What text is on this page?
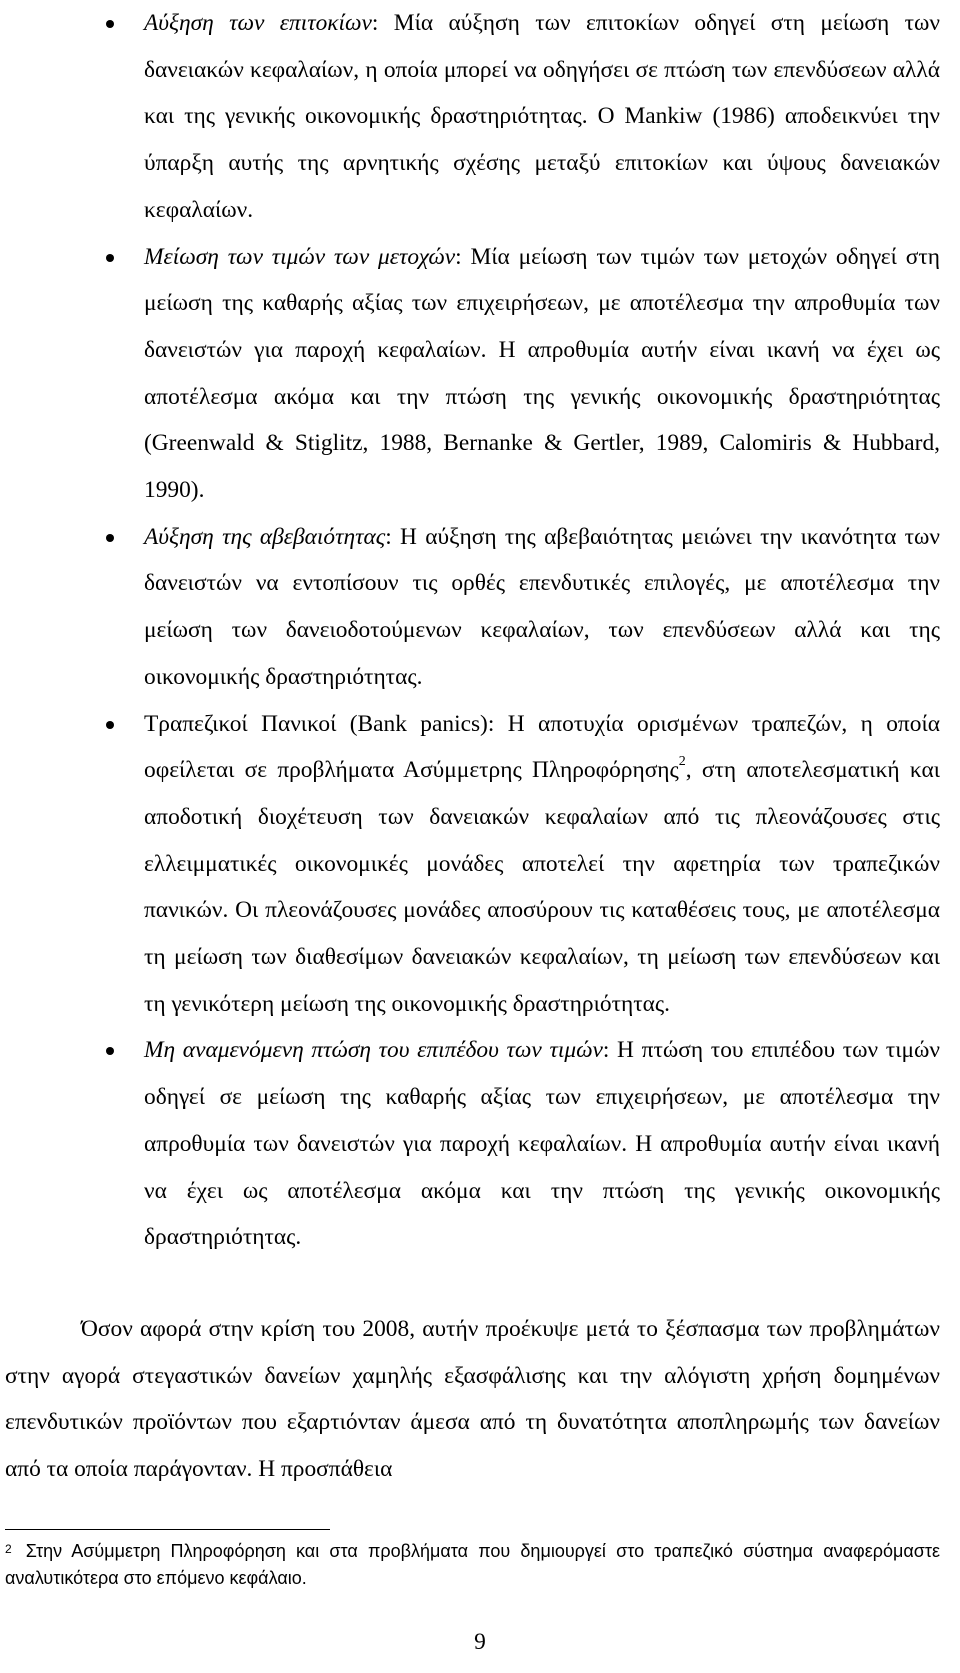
Αύξηση των επιτοκίων: Μία αύξηση των επιτοκίων οδηγεί στη μείωση των δανειακών κεφαλαίων, η οποία μπορεί να οδηγήσει σε πτώση των επενδύσεων αλλά και της γενικής οικονομικής δραστηριότητας. Ο Mankiw (1986) αποδεικνύει την ύπαρξη αυτής της αρνητικής σχέσης μεταξύ επιτοκίων και ύψους δανειακών κεφαλαίων.
Μείωση των τιμών των μετοχών: Μία μείωση των τιμών των μετοχών οδηγεί στη μείωση της καθαρής αξίας των επιχειρήσεων, με αποτέλεσμα την απροθυμία των δανειστών για παροχή κεφαλαίων. Η απροθυμία αυτήν είναι ικανή να έχει ως αποτέλεσμα ακόμα και την πτώση της γενικής οικονομικής δραστηριότητας (Greenwald & Stiglitz, 1988, Bernanke & Gertler, 1989, Calomiris & Hubbard, 1990).
Αύξηση της αβεβαιότητας: Η αύξηση της αβεβαιότητας μειώνει την ικανότητα των δανειστών να εντοπίσουν τις ορθές επενδυτικές επιλογές, με αποτέλεσμα την μείωση των δανειοδοτούμενων κεφαλαίων, των επενδύσεων αλλά και της οικονομικής δραστηριότητας.
Τραπεζικοί Πανικοί (Bank panics): Η αποτυχία ορισμένων τραπεζών, η οποία οφείλεται σε προβλήματα Ασύμμετρης Πληροφόρησης$^2$, στη αποτελεσματική και αποδοτική διοχέτευση των δανειακών κεφαλαίων από τις πλεονάζουσες στις ελλειμματικές οικονομικές μονάδες αποτελεί την αφετηρία των τραπεζικών πανικών. Οι πλεονάζουσες μονάδες αποσύρουν τις καταθέσεις τους, με αποτέλεσμα τη μείωση των διαθεσίμων δανειακών κεφαλαίων, τη μείωση των επενδύσεων και τη γενικότερη μείωση της οικονομικής δραστηριότητας.
Μη αναμενόμενη πτώση του επιπέδου των τιμών: Η πτώση του επιπέδου των τιμών οδηγεί σε μείωση της καθαρής αξίας των επιχειρήσεων, με αποτέλεσμα την απροθυμία των δανειστών για παροχή κεφαλαίων. Η απροθυμία αυτήν είναι ικανή να έχει ως αποτέλεσμα ακόμα και την πτώση της γενικής οικονομικής δραστηριότητας.

Όσον αφορά στην κρίση του 2008, αυτήν προέκυψε μετά το ξέσπασμα των προβλημάτων στην αγορά στεγαστικών δανείων χαμηλής εξασφάλισης και την αλόγιστη χρήση δομημένων επενδυτικών προϊόντων που εξαρτιόνταν άμεσα από τη δυνατότητα αποπληρωμής των δανείων από τα οποία παράγονταν. Η προσπάθεια

$^2$ Στην Ασύμμετρη Πληροφόρηση και στα προβλήματα που δημιουργεί στο τραπεζικό σύστημα αναφερόμαστε αναλυτικότερα στο επόμενο κεφάλαιο.

9
